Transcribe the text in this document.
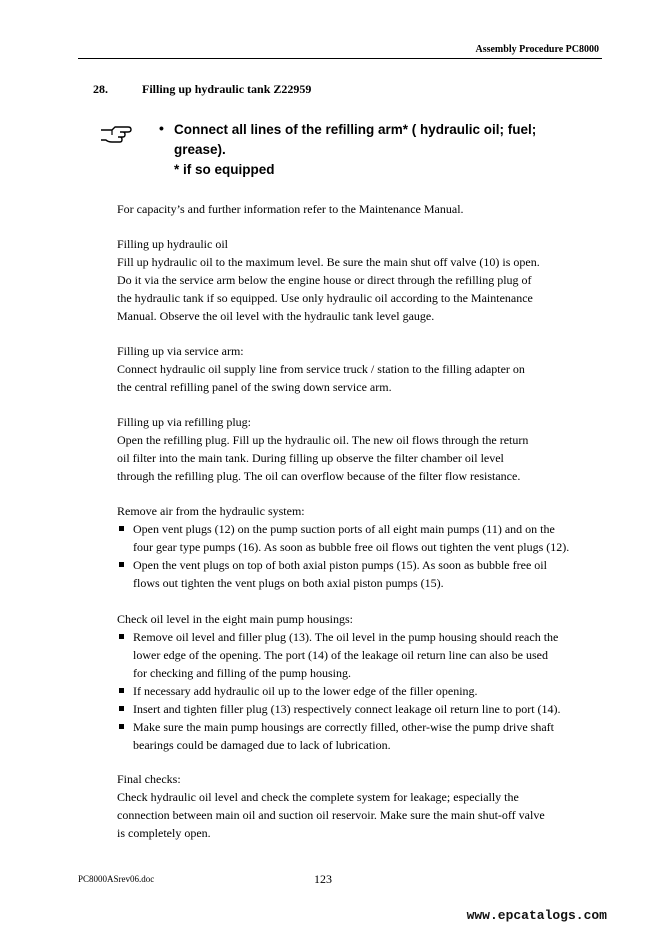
Assembly Procedure PC8000
28.	Filling up hydraulic tank Z22959
• Connect all lines of the refilling arm* ( hydraulic oil; fuel;
grease).
* if so equipped
For capacity’s and further information refer to the Maintenance Manual.
Filling up hydraulic oil
Fill up hydraulic oil to the maximum level. Be sure the main shut off valve (10) is open.
Do it via the service arm below the engine house or direct through the refilling plug of
the hydraulic tank if so equipped. Use only hydraulic oil according to the Maintenance
Manual. Observe the oil level with the hydraulic tank level gauge.
Filling up via service arm:
Connect hydraulic oil supply line from service truck / station to the filling adapter on
the central refilling panel of the swing down service arm.
Filling up via refilling plug:
Open the refilling plug. Fill up the hydraulic oil. The new oil flows through the return
oil filter into the main tank. During filling up observe the filter chamber oil level
through the refilling plug. The oil can overflow because of the filter flow resistance.
Remove air from the hydraulic system:
Open vent plugs (12) on the pump suction ports of all eight main pumps (11) and on the
four gear type pumps (16). As soon as bubble free oil flows out tighten the vent plugs (12).
Open the vent plugs on top of both axial piston pumps (15). As soon as bubble free oil
flows out tighten the vent plugs on both axial piston pumps (15).
Check oil level in the eight main pump housings:
Remove oil level and filler plug (13). The oil level in the pump housing should reach the
lower edge of the opening. The port (14) of the leakage oil return line can also be used
for checking and filling of the pump housing.
If necessary add hydraulic oil up to the lower edge of the filler opening.
Insert and tighten filler plug (13) respectively connect leakage oil return line to port (14).
Make sure the main pump housings are correctly filled, other-wise the pump drive shaft
bearings could be damaged due to lack of lubrication.
Final checks:
Check hydraulic oil level and check the complete system for leakage; especially the
connection between main oil and suction oil reservoir. Make sure the main shut-off valve
is completely open.
PC8000ASrev06.doc	123
www.epcatalogs.com
